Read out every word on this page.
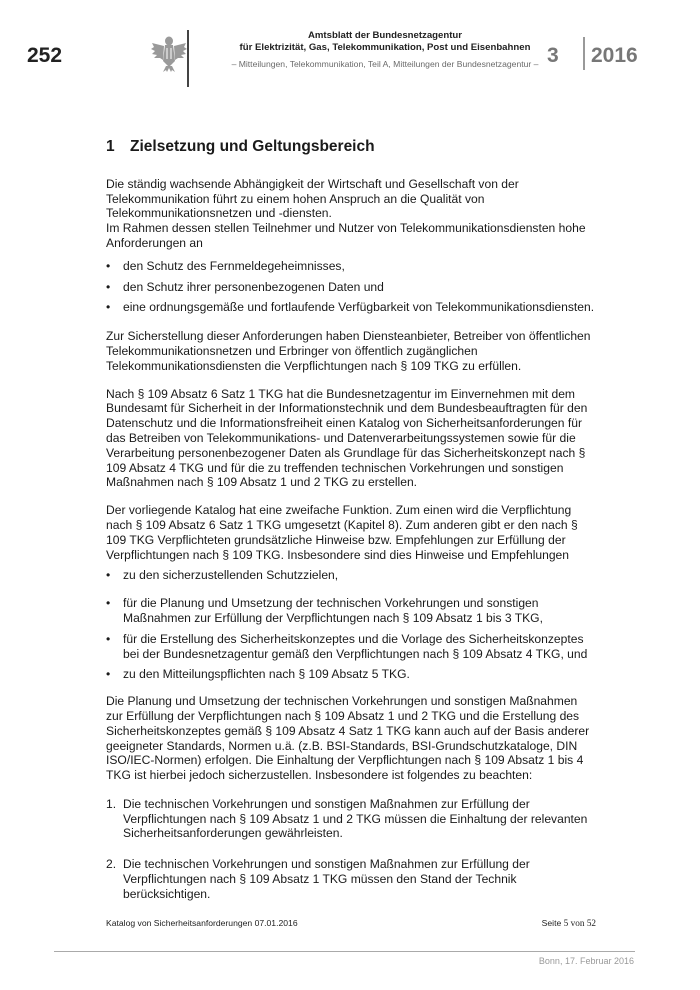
252
Amtsblatt der Bundesnetzagentur
für Elektrizität, Gas, Telekommunikation, Post und Eisenbahnen
– Mitteilungen, Telekommunikation, Teil A, Mitteilungen der Bundesnetzagentur – 3 2016
1 Zielsetzung und Geltungsbereich

Die ständig wachsende Abhängigkeit der Wirtschaft und Gesellschaft von der Telekommunikation führt zu einem hohen Anspruch an die Qualität von Telekommunikationsnetzen und -diensten.

Im Rahmen dessen stellen Teilnehmer und Nutzer von Telekommunikationsdiensten hohe Anforderungen an

• den Schutz des Fernmeldegeheimnisses,
• den Schutz ihrer personenbezogenen Daten und
• eine ordnungsgemäße und fortlaufende Verfügbarkeit von Telekommunikationsdiensten.

Zur Sicherstellung dieser Anforderungen haben Diensteanbieter, Betreiber von öffentlichen Telekommunikationsnetzen und Erbringer von öffentlich zugänglichen Telekommunikationsdiensten die Verpflichtungen nach § 109 TKG zu erfüllen.

Nach § 109 Absatz 6 Satz 1 TKG hat die Bundesnetzagentur im Einvernehmen mit dem Bundesamt für Sicherheit in der Informationstechnik und dem Bundesbeauftragten für den Datenschutz und die Informationsfreiheit einen Katalog von Sicherheitsanforderungen für das Betreiben von Telekommunikations- und Datenverarbeitungssystemen sowie für die Verarbeitung personenbezogener Daten als Grundlage für das Sicherheitskonzept nach § 109 Absatz 4 TKG und für die zu treffenden technischen Vorkehrungen und sonstigen Maßnahmen nach § 109 Absatz 1 und 2 TKG zu erstellen.

Der vorliegende Katalog hat eine zweifache Funktion. Zum einen wird die Verpflichtung nach § 109 Absatz 6 Satz 1 TKG umgesetzt (Kapitel 8). Zum anderen gibt er den nach § 109 TKG Verpflichteten grundsätzliche Hinweise bzw. Empfehlungen zur Erfüllung der Verpflichtungen nach § 109 TKG. Insbesondere sind dies Hinweise und Empfehlungen

• zu den sicherzustellenden Schutzzielen,
• für die Planung und Umsetzung der technischen Vorkehrungen und sonstigen Maßnahmen zur Erfüllung der Verpflichtungen nach § 109 Absatz 1 bis 3 TKG,
• für die Erstellung des Sicherheitskonzeptes und die Vorlage des Sicherheitskonzeptes bei der Bundesnetzagentur gemäß den Verpflichtungen nach § 109 Absatz 4 TKG, und
• zu den Mitteilungspflichten nach § 109 Absatz 5 TKG.

Die Planung und Umsetzung der technischen Vorkehrungen und sonstigen Maßnahmen zur Erfüllung der Verpflichtungen nach § 109 Absatz 1 und 2 TKG und die Erstellung des Sicherheitskonzeptes gemäß § 109 Absatz 4 Satz 1 TKG kann auch auf der Basis anderer geeigneter Standards, Normen u.ä. (z.B. BSI-Standards, BSI-Grundschutzkataloge, DIN ISO/IEC-Normen) erfolgen. Die Einhaltung der Verpflichtungen nach § 109 Absatz 1 bis 4 TKG ist hierbei jedoch sicherzustellen. Insbesondere ist folgendes zu beachten:

1. Die technischen Vorkehrungen und sonstigen Maßnahmen zur Erfüllung der Verpflichtungen nach § 109 Absatz 1 und 2 TKG müssen die Einhaltung der relevanten Sicherheitsanforderungen gewährleisten.
2. Die technischen Vorkehrungen und sonstigen Maßnahmen zur Erfüllung der Verpflichtungen nach § 109 Absatz 1 TKG müssen den Stand der Technik berücksichtigen.
Katalog von Sicherheitsanforderungen 07.01.2016	Seite 5 von 52
Bonn, 17. Februar 2016
